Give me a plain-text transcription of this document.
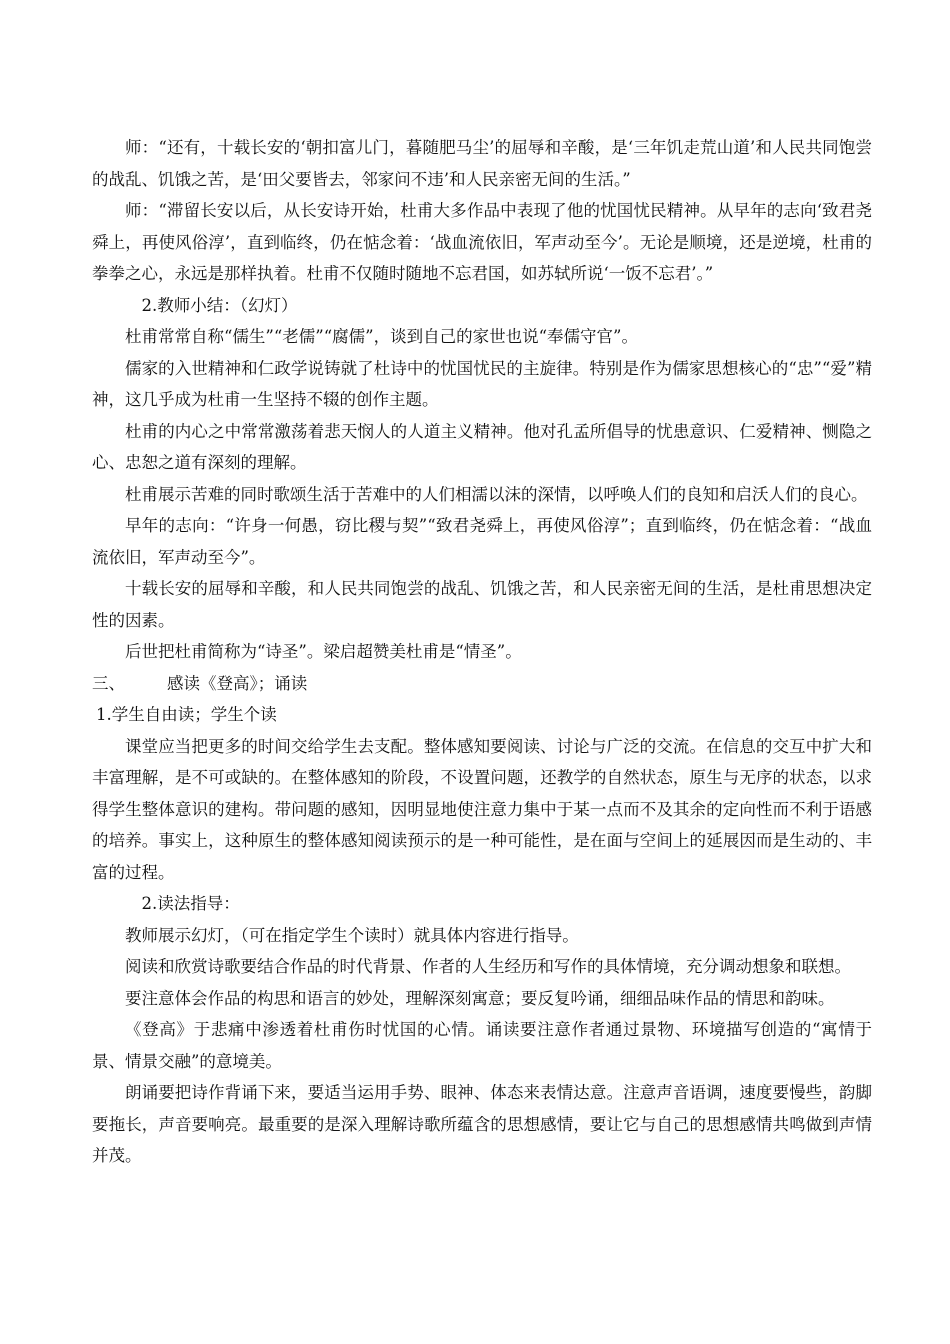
师：“还有，十载长安的‘朝扣富儿门，暮随肥马尘’的屈辱和辛酸，是‘三年饥走荒山道’和人民共同饱尝的战乱、饥饿之苦，是‘田父要皆去，邻家问不违’和人民亲密无间的生活。”

师：“滞留长安以后，从长安诗开始，杜甫大多作品中表现了他的忧国忧民精神。从早年的志向‘致君尧舜上，再使风俗淳’，直到临终，仍在惦念着：‘战血流依旧，军声动至今’。无论是顺境，还是逆境，杜甫的拳拳之心，永远是那样执着。杜甫不仅随时随地不忘君国，如苏轼所说‘一饭不忘君’。”

2.教师小结：（幻灯）

杜甫常常自称“儒生”“老儒”“腐儒”，谈到自己的家世也说“奉儒守官”。

儒家的入世精神和仁政学说铸就了杜诗中的忧国忧民的主旋律。特别是作为儒家思想核心的“忠”“爱”精神，这几乎成为杜甫一生坚持不辍的创作主题。

杜甫的内心之中常常激荡着悲天悯人的人道主义精神。他对孔孟所倡导的忧患意识、仁爱精神、恻隐之心、忠恕之道有深刻的理解。

杜甫展示苦难的同时歌颂生活于苦难中的人们相濡以沫的深情，以呼唤人们的良知和启沃人们的良心。

早年的志向：“许身一何愚，窃比稷与契”“致君尧舜上，再使风俗淳”；直到临终，仍在惦念着：“战血流依旧，军声动至今”。

十载长安的屈辱和辛酸，和人民共同饱尝的战乱、饥饿之苦，和人民亲密无间的生活，是杜甫思想决定性的因素。

后世把杜甫简称为“诗圣”。梁启超赞美杜甫是“情圣”。

三、	感读《登高》；诵读

1.学生自由读；学生个读

课堂应当把更多的时间交给学生去支配。整体感知要阅读、讨论与广泛的交流。在信息的交互中扩大和丰富理解，是不可或缺的。在整体感知的阶段，不设置问题，还教学的自然状态，原生与无序的状态，以求得学生整体意识的建构。带问题的感知，因明显地使注意力集中于某一点而不及其余的定向性而不利于语感的培养。事实上，这种原生的整体感知阅读预示的是一种可能性，是在面与空间上的延展因而是生动的、丰富的过程。

2.读法指导：

教师展示幻灯，（可在指定学生个读时）就具体内容进行指导。

阅读和欣赏诗歌要结合作品的时代背景、作者的人生经历和写作的具体情境，充分调动想象和联想。

要注意体会作品的构思和语言的妙处，理解深刻寓意；要反复吟诵，细细品味作品的情思和韵味。

《登高》于悲痛中渗透着杜甫伤时忧国的心情。诵读要注意作者通过景物、环境描写创造的“寓情于景、情景交融”的意境美。

朗诵要把诗作背诵下来，要适当运用手势、眼神、体态来表情达意。注意声音语调，速度要慢些，韵脚要拖长，声音要响亮。最重要的是深入理解诗歌所蕴含的思想感情，要让它与自己的思想感情共鸣做到声情并茂。
